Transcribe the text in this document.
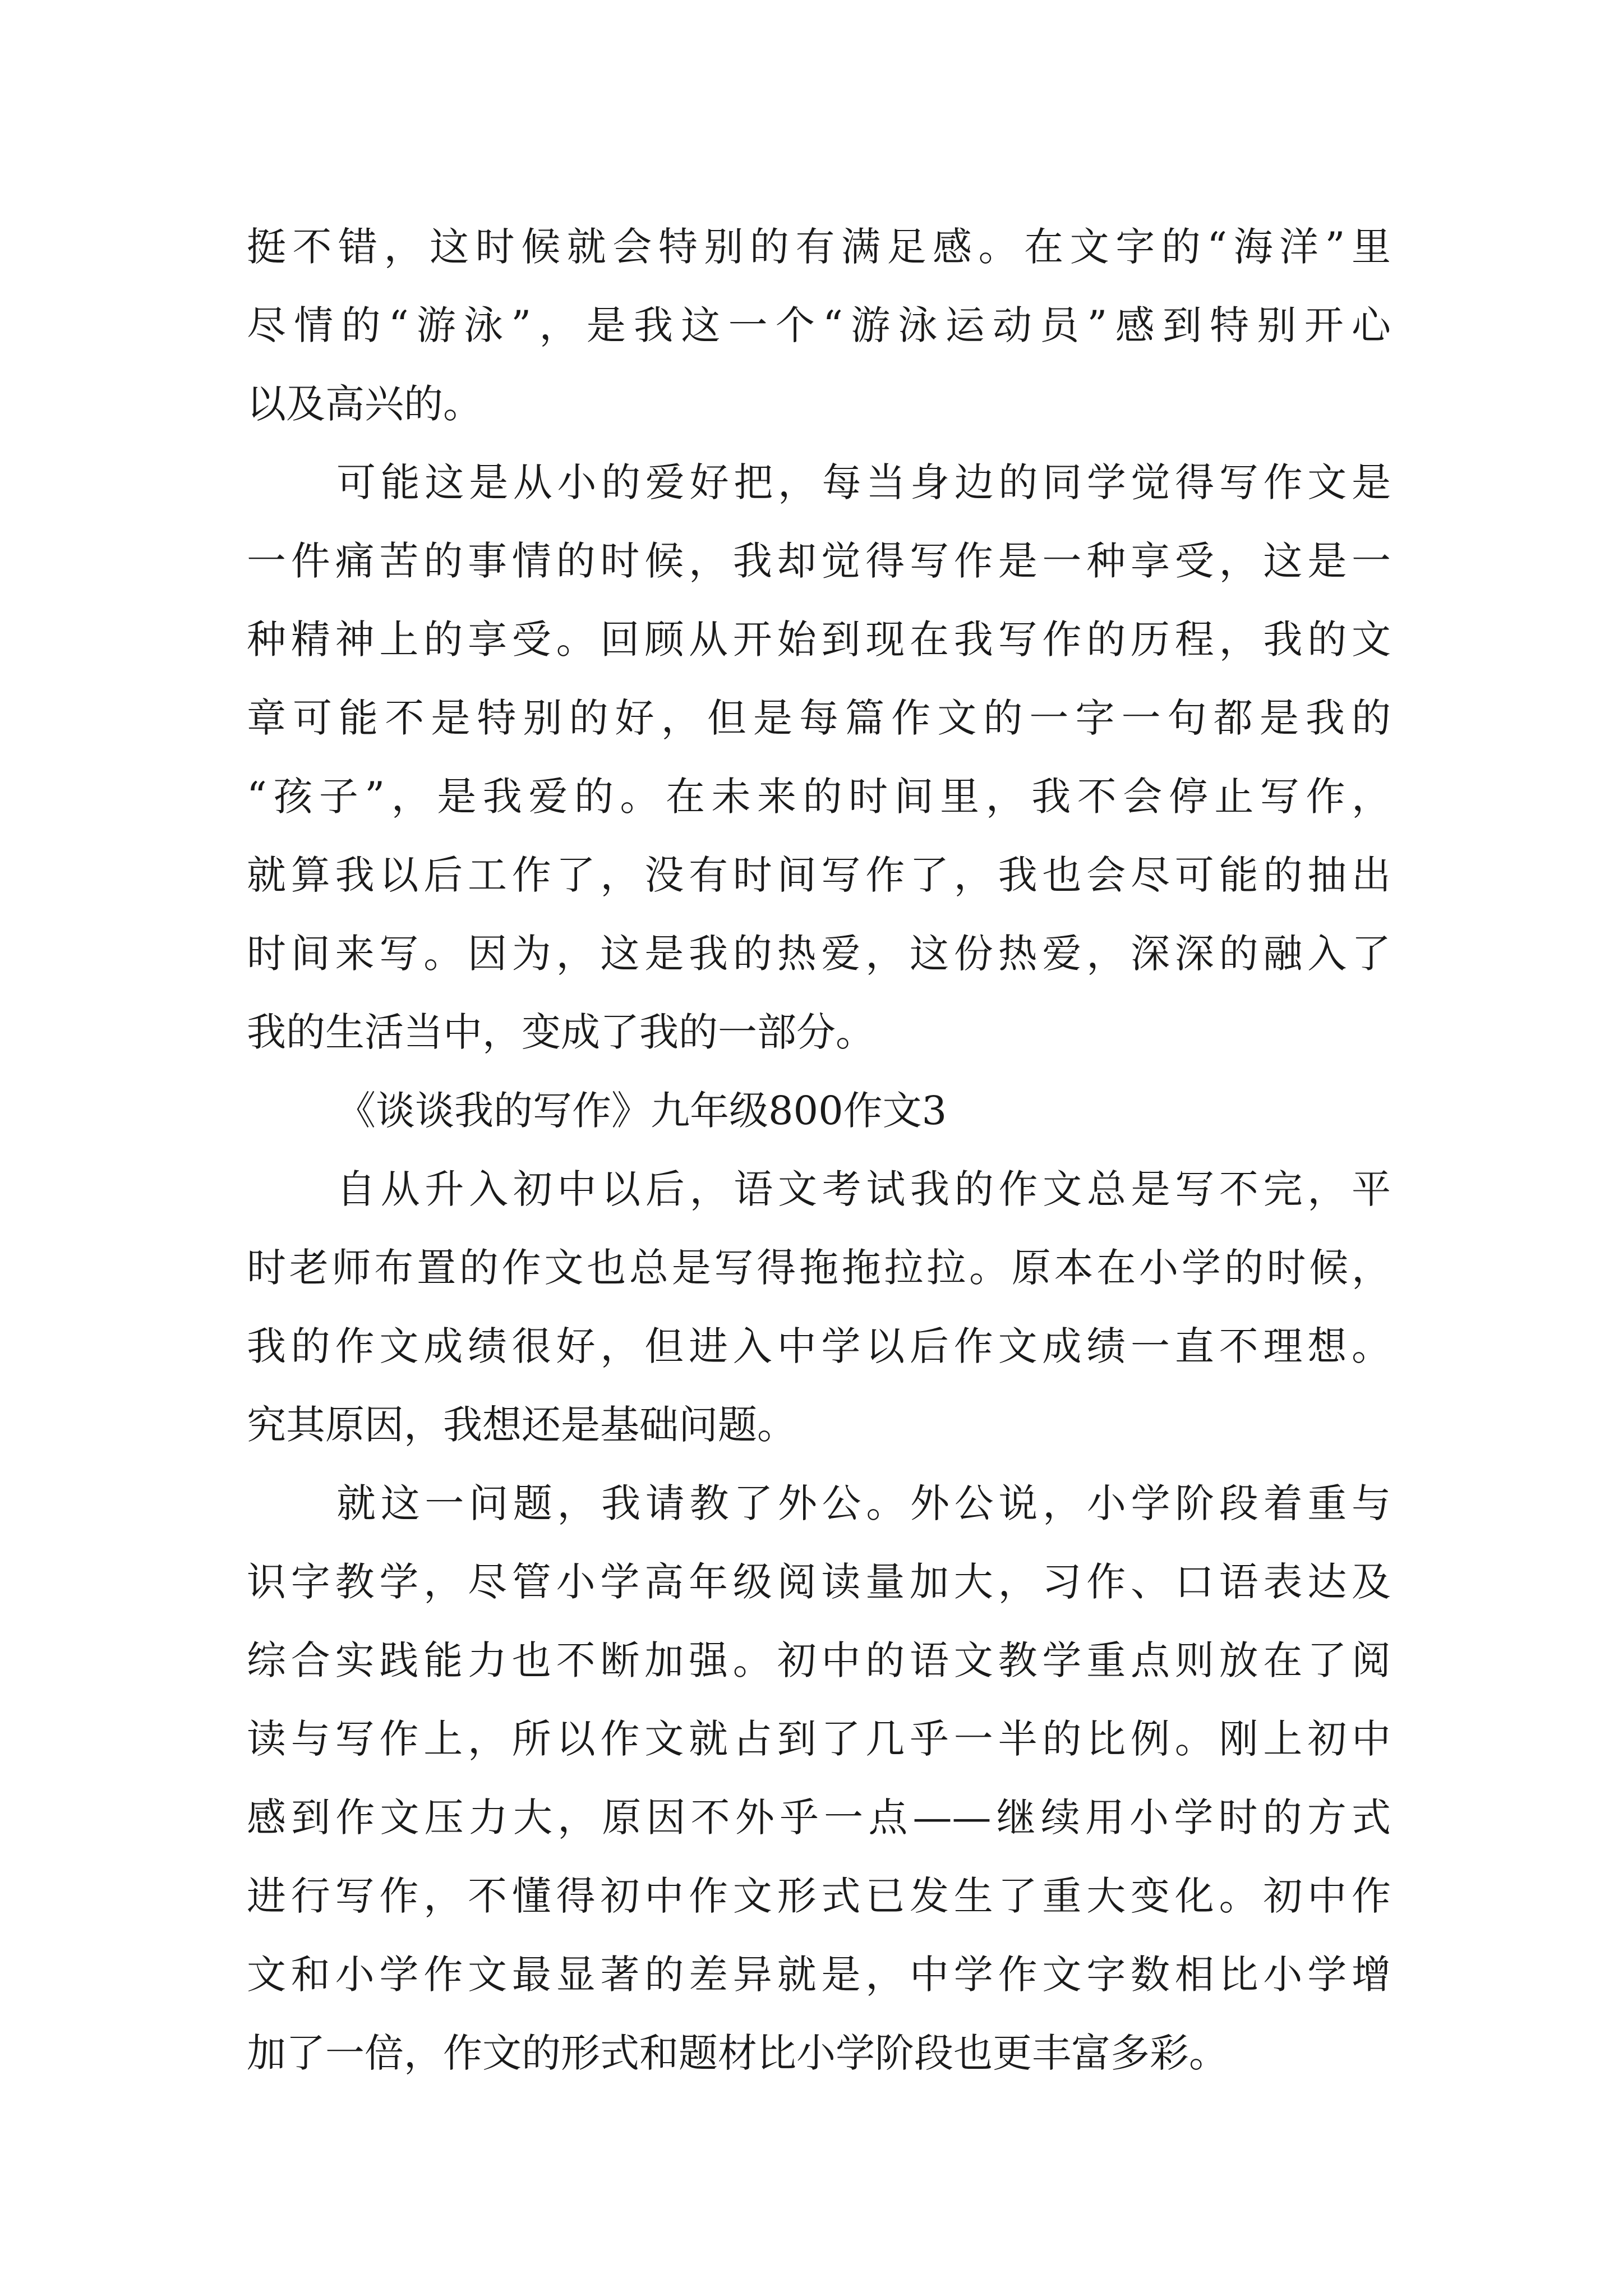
挺不错，这时候就会特别的有满足感。在文字的“海洋”里
尽情的“游泳”，是我这一个“游泳运动员”感到特别开心
以及高兴的。
可能这是从小的爱好把，每当身边的同学觉得写作文是
一件痛苦的事情的时候，我却觉得写作是一种享受，这是一
种精神上的享受。回顾从开始到现在我写作的历程，我的文
章可能不是特别的好，但是每篇作文的一字一句都是我的
“孩子”，是我爱的。在未来的时间里，我不会停止写作，
就算我以后工作了，没有时间写作了，我也会尽可能的抽出
时间来写。因为，这是我的热爱，这份热爱，深深的融入了
我的生活当中，变成了我的一部分。
《谈谈我的写作》九年级800作文3
自从升入初中以后，语文考试我的作文总是写不完，平
时老师布置的作文也总是写得拖拖拉拉。原本在小学的时候，
我的作文成绩很好，但进入中学以后作文成绩一直不理想。
究其原因，我想还是基础问题。
就这一问题，我请教了外公。外公说，小学阶段着重与
识字教学，尽管小学高年级阅读量加大，习作、口语表达及
综合实践能力也不断加强。初中的语文教学重点则放在了阅
读与写作上，所以作文就占到了几乎一半的比例。刚上初中
感到作文压力大，原因不外乎一点——继续用小学时的方式
进行写作，不懂得初中作文形式已发生了重大变化。初中作
文和小学作文最显著的差异就是，中学作文字数相比小学增
加了一倍，作文的形式和题材比小学阶段也更丰富多彩。
